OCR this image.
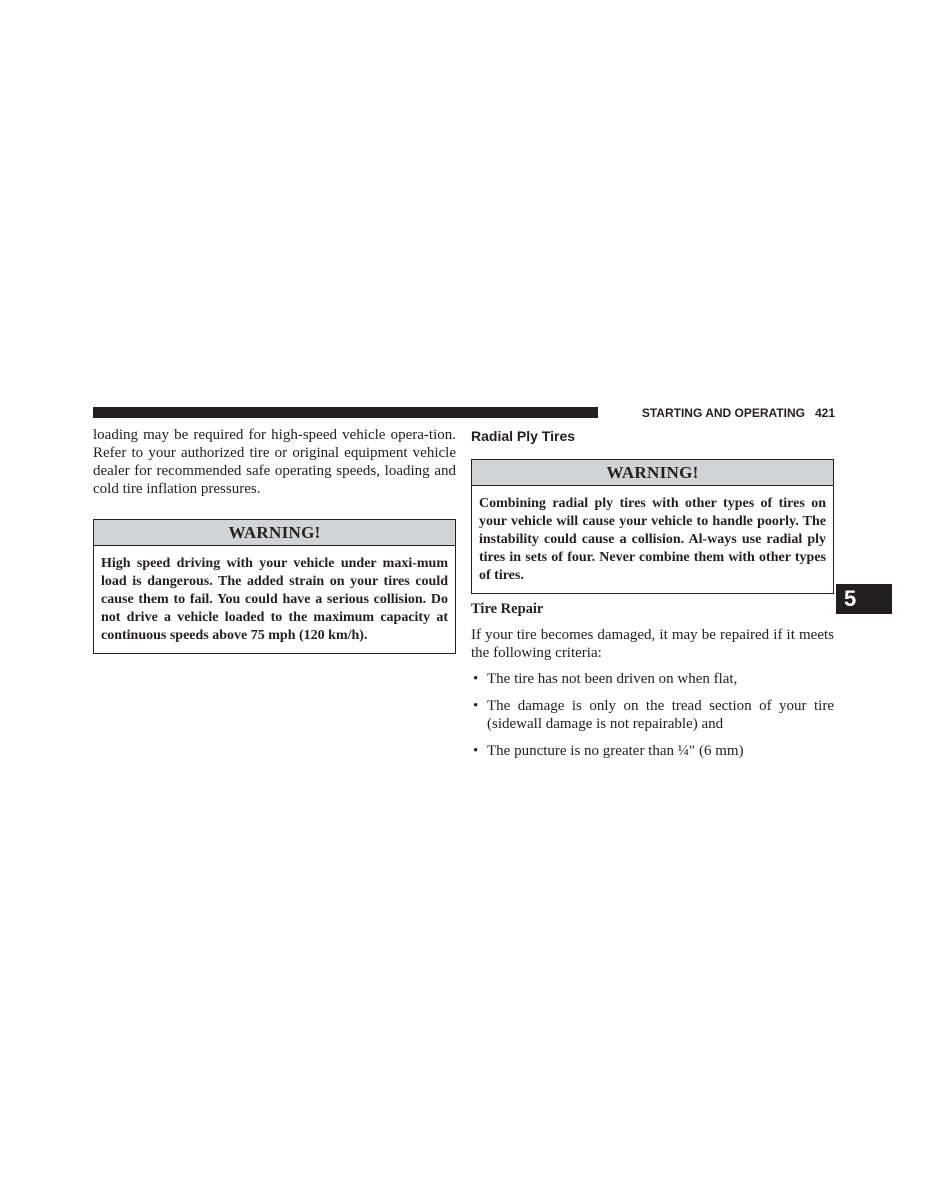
STARTING AND OPERATING 421

loading may be required for high-speed vehicle opera-tion. Refer to your authorized tire or original equipment vehicle dealer for recommended safe operating speeds, loading and cold tire inflation pressures.

WARNING!
High speed driving with your vehicle under maxi-mum load is dangerous. The added strain on your tires could cause them to fail. You could have a serious collision. Do not drive a vehicle loaded to the maximum capacity at continuous speeds above 75 mph (120 km/h).
Radial Ply Tires
WARNING!
Combining radial ply tires with other types of tires on your vehicle will cause your vehicle to handle poorly. The instability could cause a collision. Al-ways use radial ply tires in sets of four. Never combine them with other types of tires.
Tire Repair

If your tire becomes damaged, it may be repaired if it meets the following criteria:

• The tire has not been driven on when flat,
• The damage is only on the tread section of your tire (sidewall damage is not repairable) and
• The puncture is no greater than ¼″ (6 mm)
5
